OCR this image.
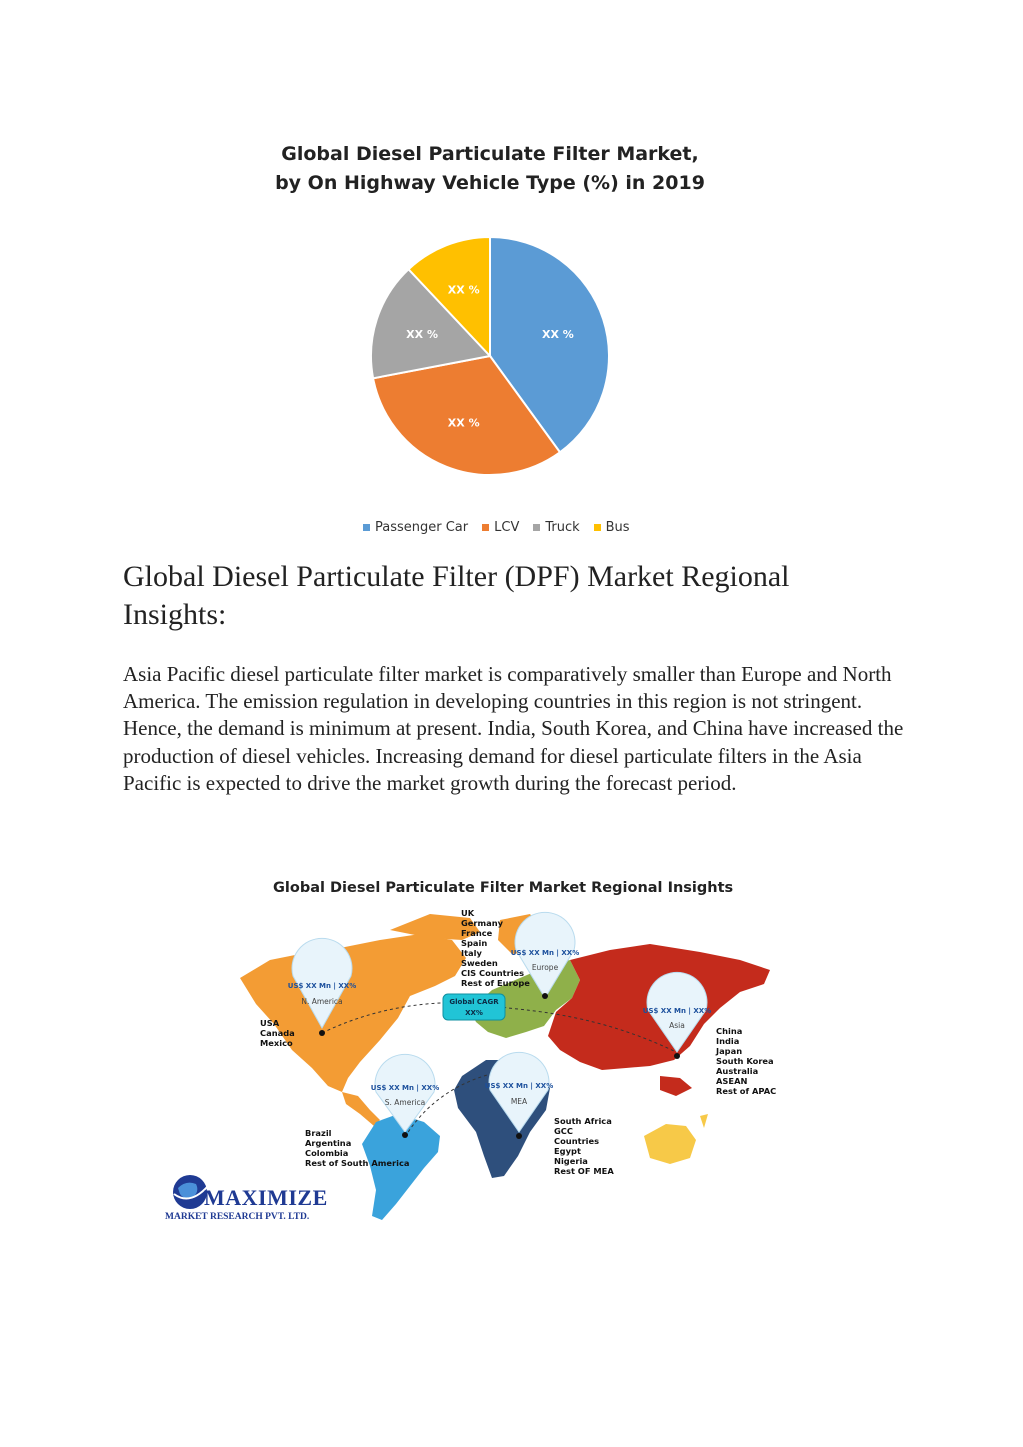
Global Diesel Particulate Filter Market,
by On Highway Vehicle Type (%) in 2019
XX %
XX %
XX %
XX %
Passenger Car LCV Truck Bus
Global Diesel Particulate Filter (DPF) Market Regional Insights:
Asia Pacific diesel particulate filter market is comparatively smaller than Europe and North America. The emission regulation in developing countries in this region is not stringent. Hence, the demand is minimum at present. India, South Korea, and China have increased the production of diesel vehicles. Increasing demand for diesel particulate filters in the Asia Pacific is expected to drive the market growth during the forecast period.
Global Diesel Particulate Filter Market Regional Insights
US$ XX Mn | XX%
N. America
US$ XX Mn | XX%
Europe
US$ XX Mn | XX%
Asia
US$ XX Mn | XX%
S. America
US$ XX Mn | XX%
MEA
Global CAGR
XX%
UK
Germany
France
Spain
Italy
Sweden
CIS Countries
Rest of Europe
USA
Canada
Mexico
China
India
Japan
South Korea
Australia
ASEAN
Rest of APAC
Brazil
Argentina
Colombia
Rest of South America
South Africa
GCC
Countries
Egypt
Nigeria
Rest OF MEA
MAXIMIZE
MARKET RESEARCH PVT. LTD.
